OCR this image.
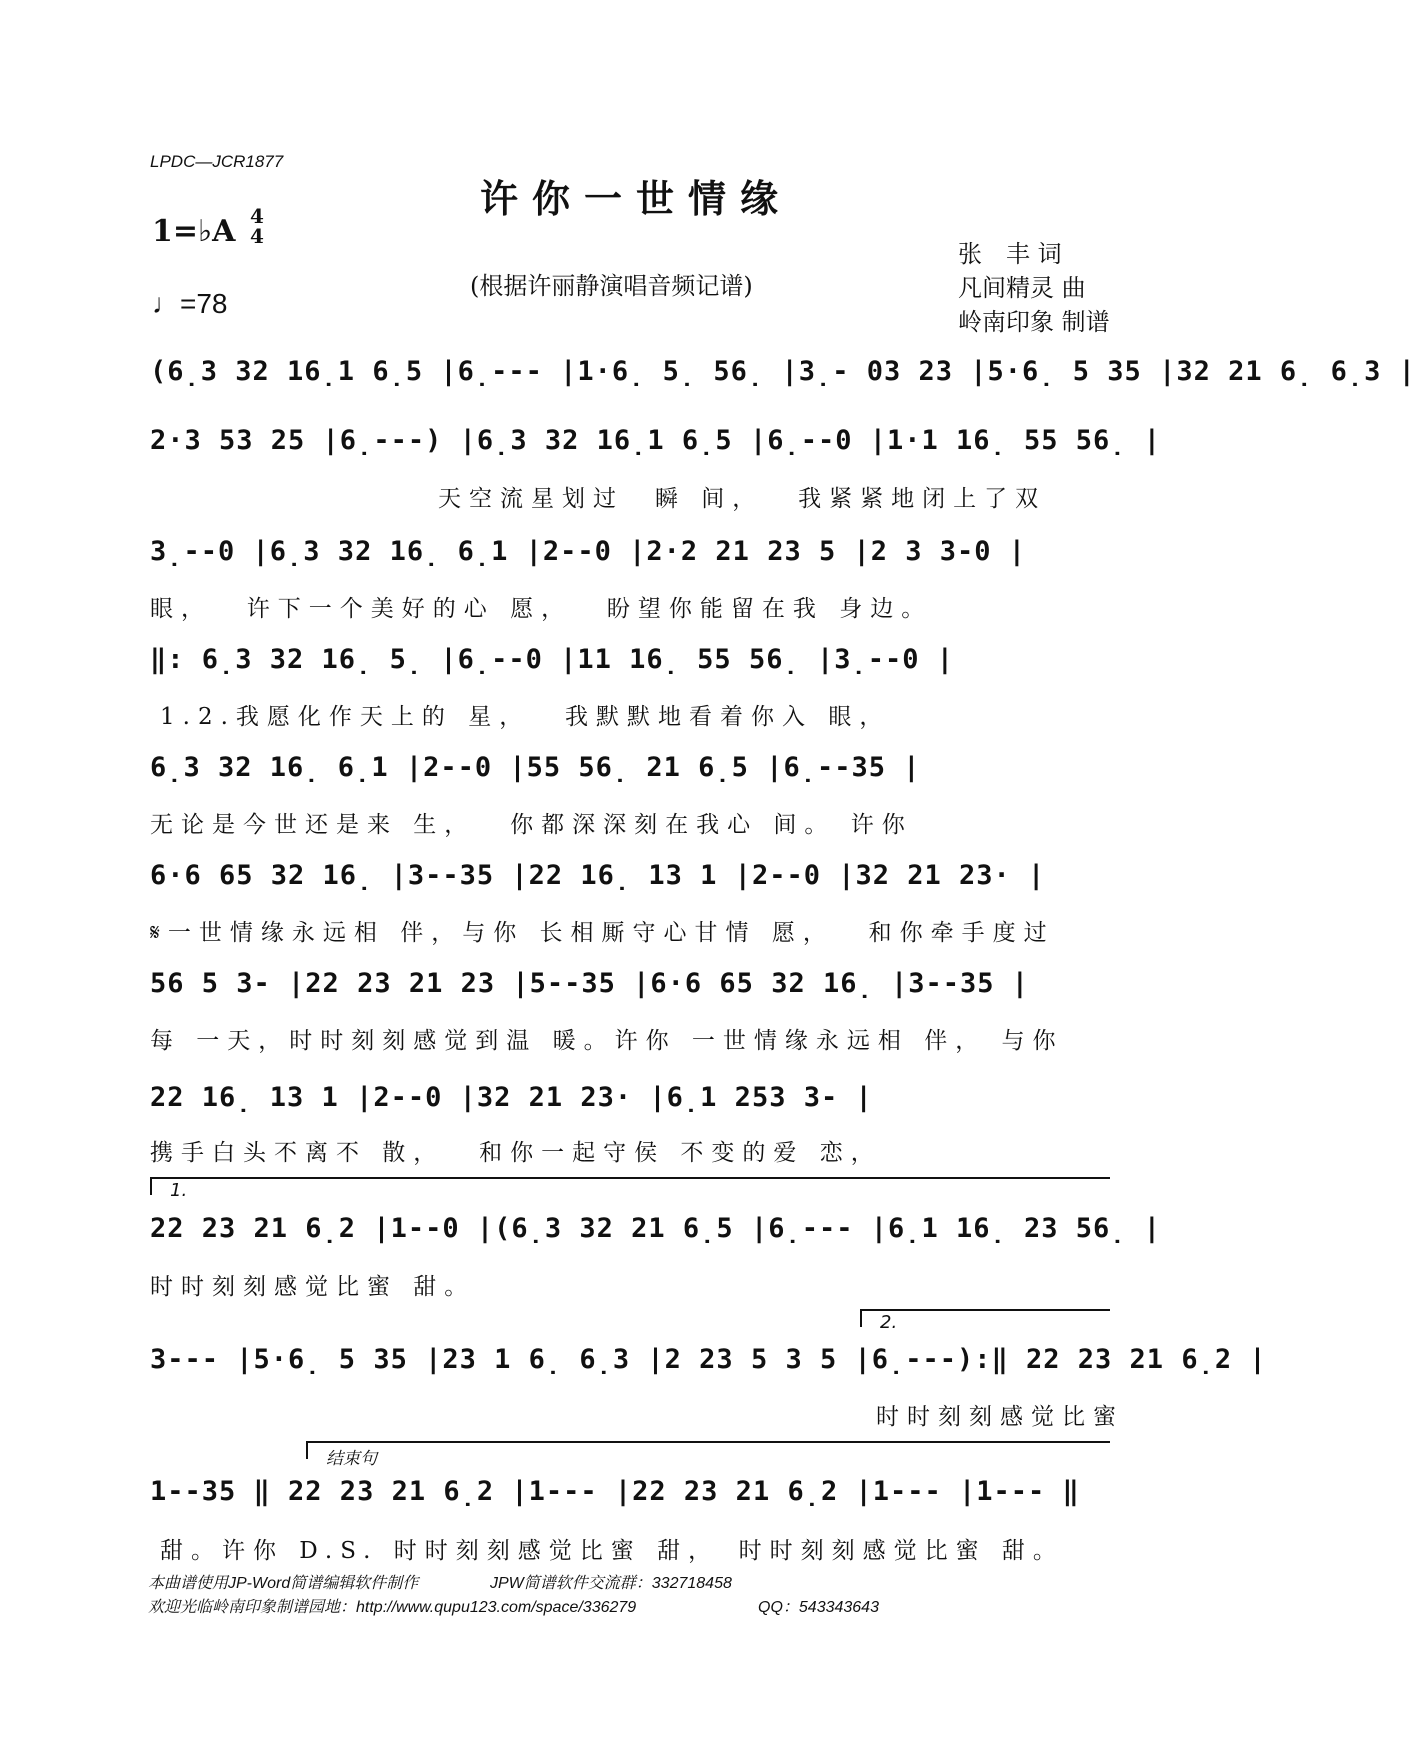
LPDC—JCR1877
许你一世情缘
1=♭A 4
4
♩=78
(根据许丽静演唱音频记谱)
张　丰 词
凡间精灵 曲
岭南印象 制谱
(6̣3 32 16̣1 6̣5 |6̣--- |1·6̣ 5̣ 56̣ |3̣- 03 23 |5·6̣ 5 35 |32 21 6̣ 6̣3 |
2·3 53 25 |6̣---) |6̣3 32 16̣1 6̣5 |6̣--0 |1·1 16̣ 55 56̣ |
天空流星划过　瞬 间，　 我紧紧地闭上了双
3̣--0 |6̣3 32 16̣ 6̣1 |2--0 |2·2 21 23 5 |2 3 3-0 |
眼，　 许下一个美好的心 愿，　 盼望你能留在我 身边。
‖: 6̣3 32 16̣ 5̣ |6̣--0 |11 16̣ 55 56̣ |3̣--0 |
1.2.我愿化作天上的 星，　 我默默地看着你入 眼，
6̣3 32 16̣ 6̣1 |2--0 |55 56̣ 21 6̣5 |6̣--35 |
无论是今世还是来 生，　 你都深深刻在我心 间。 许你
6·6 65 32 16̣ |3--35 |22 16̣ 13 1 |2--0 |32 21 23· |
𝄋一世情缘永远相 伴，与你 长相厮守心甘情 愿，　 和你牵手度过
56 5 3- |22 23 21 23 |5--35 |6·6 65 32 16̣ |3--35 |
每 一天，时时刻刻感觉到温 暖。许你 一世情缘永远相 伴， 与你
22 16̣ 13 1 |2--0 |32 21 23· |6̣1 253 3- |
携手白头不离不 散，　 和你一起守侯 不变的爱 恋，
1.
22 23 21 6̣2 |1--0 |(6̣3 32 21 6̣5 |6̣--- |6̣1 16̣ 23 56̣ |
时时刻刻感觉比蜜 甜。
2.
3--- |5·6̣ 5 35 |23 1 6̣ 6̣3 |2 23 5 3 5 |6̣---):‖ 22 23 21 6̣2 |
时时刻刻感觉比蜜
结束句
1--35 ‖ 22 23 21 6̣2 |1--- |22 23 21 6̣2 |1--- |1--- ‖
甜。许你 D.S. 时时刻刻感觉比蜜 甜，　时时刻刻感觉比蜜 甜。
本曲谱使用JP-Word简谱编辑软件制作	JPW简谱软件交流群：332718458
欢迎光临岭南印象制谱园地：http://www.qupu123.com/space/336279	QQ：543343643
